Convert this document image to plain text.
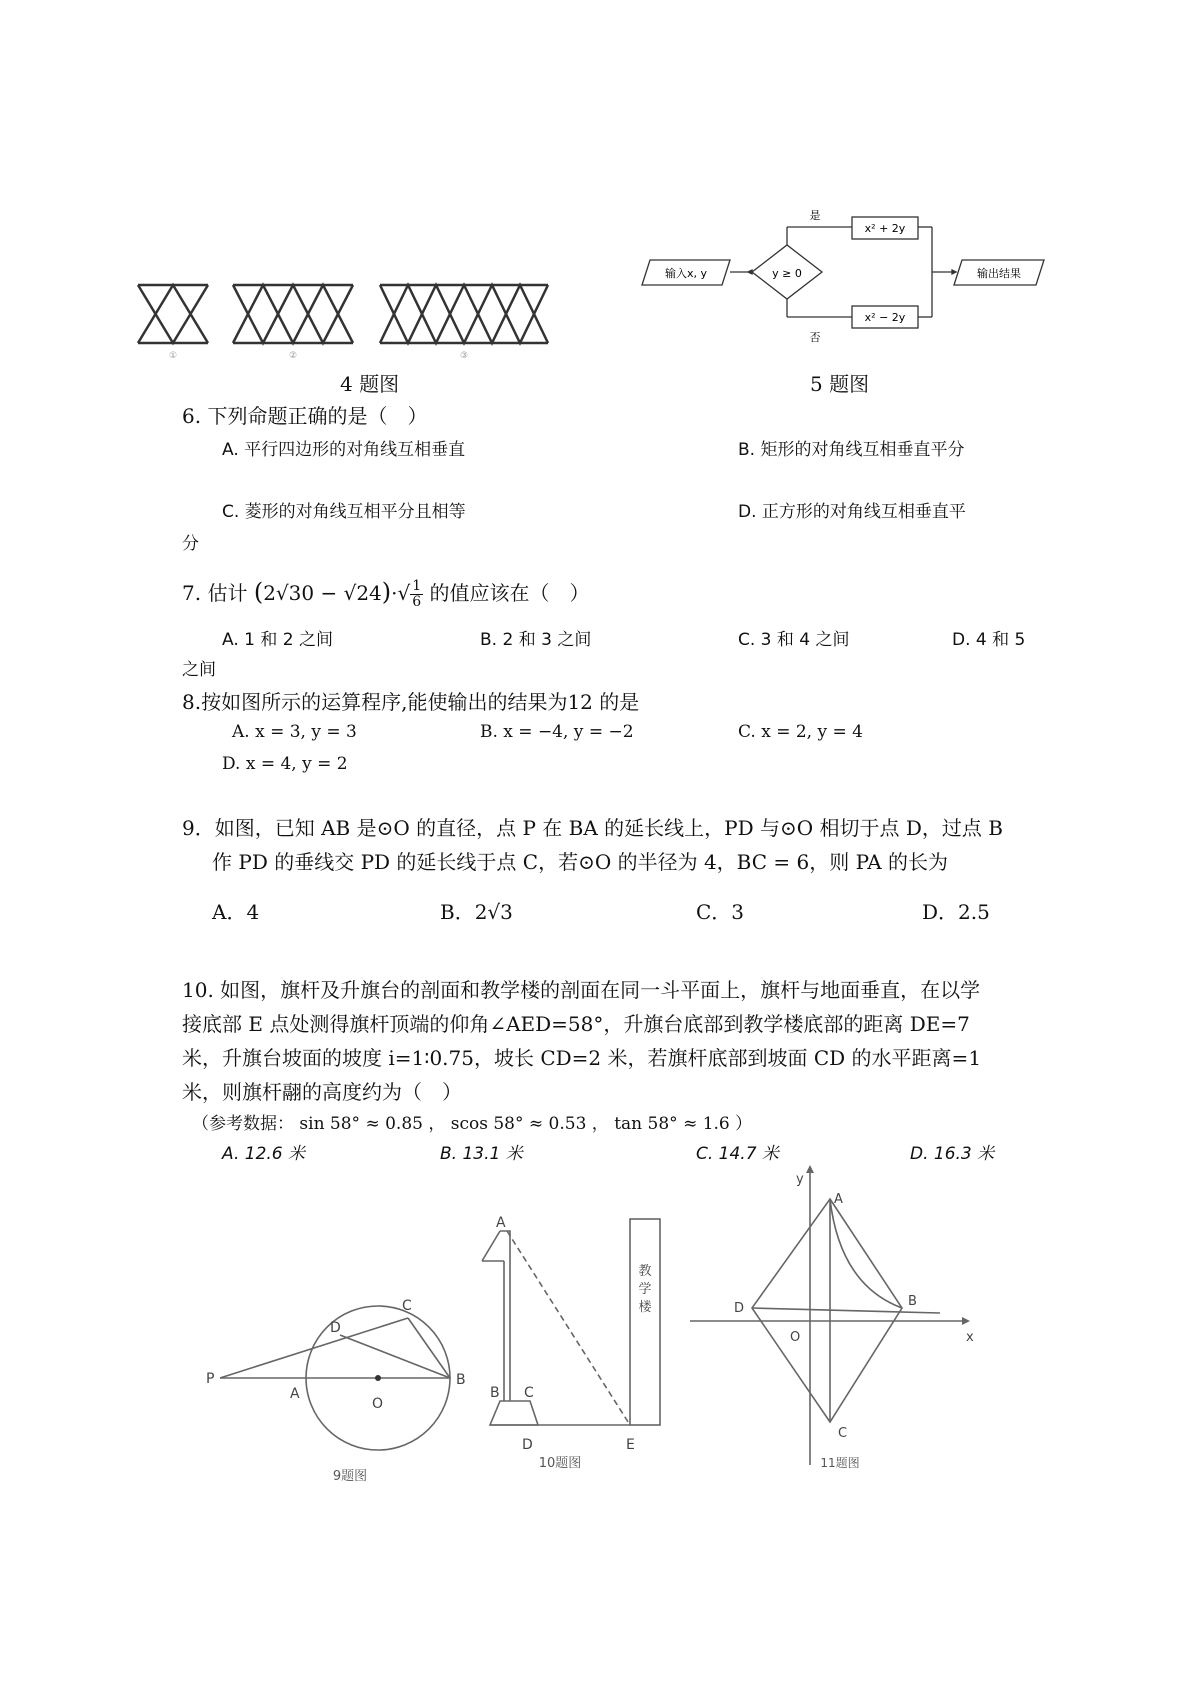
①	②	③
4 题图
输入x, y	y ≥ 0
是
否
x² + 2y
x² − 2y
输出结果
5 题图
6. 下列命题正确的是（　）
A. 平行四边形的对角线互相垂直	B. 矩形的对角线互相垂直平分
C. 菱形的对角线互相平分且相等	D. 正方形的对角线互相垂直平
分
7. 估计 $(2√30 - √24)\cdot√ \frac{1}{6}$ 的值应该在（　）
A. 1 和 2 之间	B. 2 和 3 之间	C. 3 和 4 之间	D. 4 和 5
之间
8.按如图所示的运算程序,能使输出的结果为12 的是
A. x = 3, y = 3	B. x = −4, y = −2	C. x = 2, y = 4
D. x = 4, y = 2
9．如图，已知 AB 是⊙O 的直径，点 P 在 BA 的延长线上，PD 与⊙O 相切于点 D，过点 B
作 PD 的垂线交 PD 的延长线于点 C，若⊙O 的半径为 4，BC = 6，则 PA 的长为
A．4	B．2√3	C．3	D．2.5
10. 如图，旗杆及升旗台的剖面和教学楼的剖面在同一斗平面上，旗杆与地面垂直，在以学
接底部 E 点处测得旗杆顶端的仰角∠AED=58°，升旗台底部到教学楼底部的距离 DE=7
米，升旗台坡面的坡度 i=1∶0.75，坡长 CD=2 米，若旗杆底部到坡面 CD 的水平距离=1
米，则旗杆翮的高度约为（　）
（参考数据： sin 58° ≈ 0.85 ， scos 58° ≈ 0.53 ， tan 58° ≈ 1.6 ）
A. 12.6 米	B. 13.1 米	C. 14.7 米	D. 16.3 米
P
A
O
B
C
D
9题图
A
B C
D	E
教
学
楼
10题图
y
x
A
B
C
D
O
11题图
